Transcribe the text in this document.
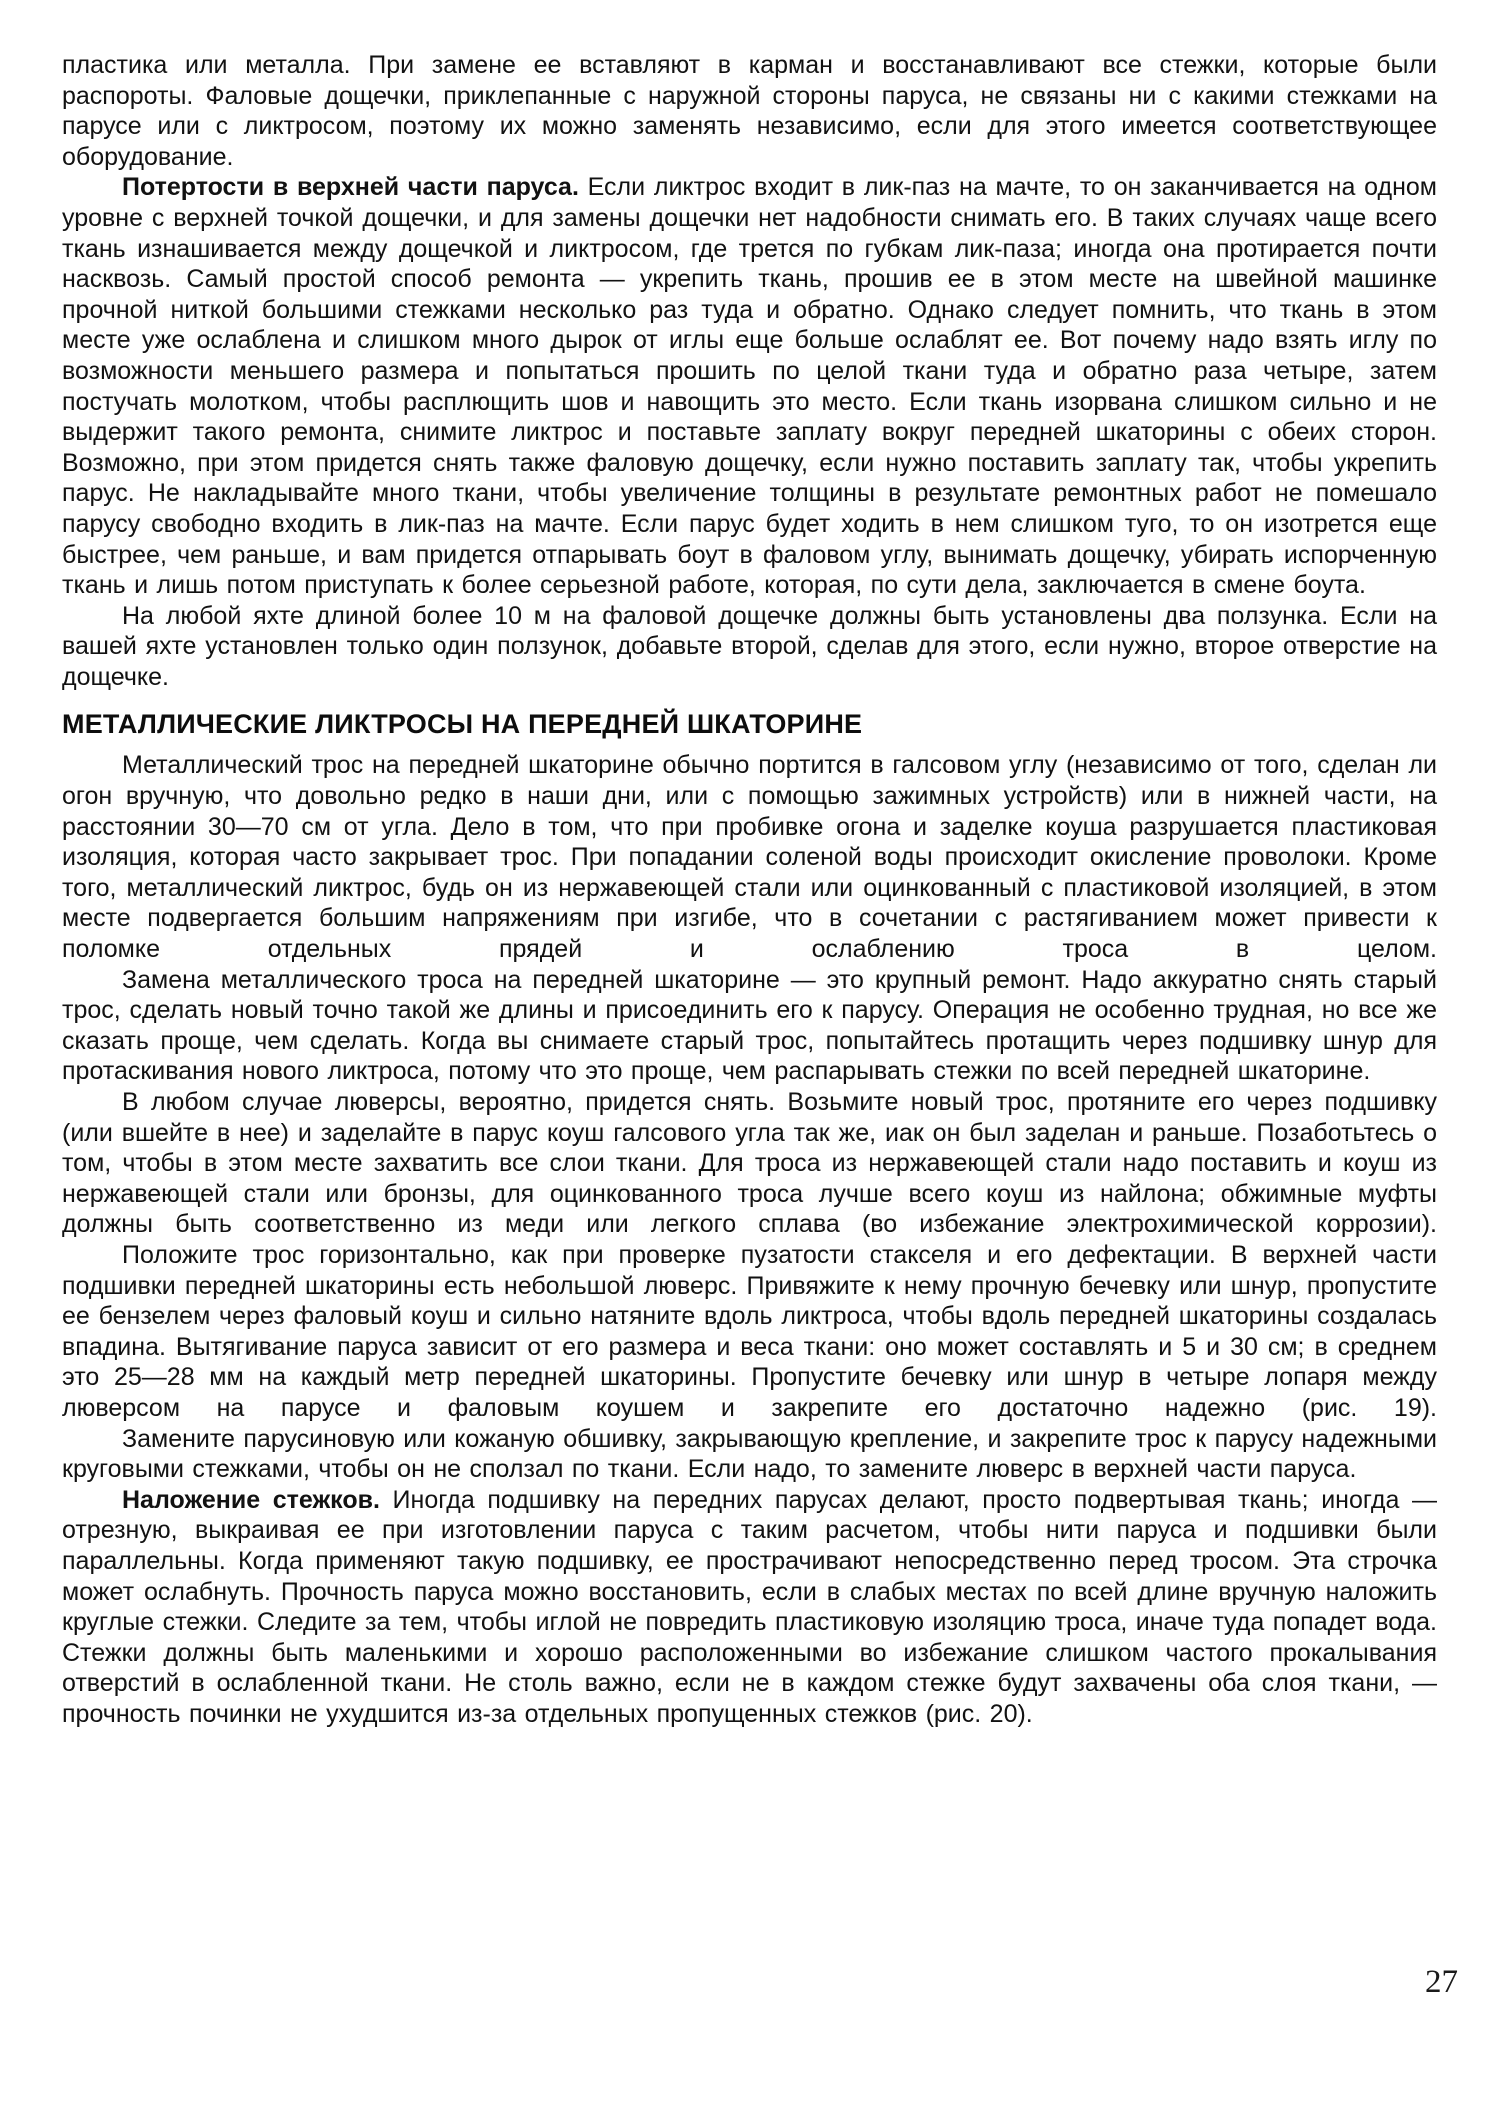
пластика или металла. При замене ее вставляют в карман и восстанавливают все стежки, которые были распороты. Фаловые дощечки, приклепанные с наружной стороны паруса, не связаны ни с какими стежками на парусе или с ликтросом, поэтому их можно заменять независимо, если для этого имеется соответствующее оборудование.

Потертости в верхней части паруса. Если ликтрос входит в лик-паз на мачте, то он заканчивается на одном уровне с верхней точкой дощечки, и для замены дощечки нет надобности снимать его. В таких случаях чаще всего ткань изнашивается между дощечкой и ликтросом, где трется по губкам лик-паза; иногда она протирается почти насквозь. Самый простой способ ремонта — укрепить ткань, прошив ее в этом месте на швейной машинке прочной ниткой большими стежками несколько раз туда и обратно. Однако следует помнить, что ткань в этом месте уже ослаблена и слишком много дырок от иглы еще больше ослаблят ее. Вот почему надо взять иглу по возможности меньшего размера и попытаться прошить по целой ткани туда и обратно раза четыре, затем постучать молотком, чтобы расплющить шов и навощить это место. Если ткань изорвана слишком сильно и не выдержит такого ремонта, снимите ликтрос и поставьте заплату вокруг передней шкаторины с обеих сторон. Возможно, при этом придется снять также фаловую дощечку, если нужно поставить заплату так, чтобы укрепить парус. Не накладывайте много ткани, чтобы увеличение толщины в результате ремонтных работ не помешало парусу свободно входить в лик-паз на мачте. Если парус будет ходить в нем слишком туго, то он изотрется еще быстрее, чем раньше, и вам придется отпарывать боут в фаловом углу, вынимать дощечку, убирать испорченную ткань и лишь потом приступать к более серьезной работе, которая, по сути дела, заключается в смене боута.

На любой яхте длиной более 10 м на фаловой дощечке должны быть установлены два ползунка. Если на вашей яхте установлен только один ползунок, добавьте второй, сделав для этого, если нужно, второе отверстие на дощечке.

МЕТАЛЛИЧЕСКИЕ ЛИКТРОСЫ НА ПЕРЕДНЕЙ ШКАТОРИНЕ

Металлический трос на передней шкаторине обычно портится в галсовом углу (независимо от того, сделан ли огон вручную, что довольно редко в наши дни, или с помощью зажимных устройств) или в нижней части, на расстоянии 30—70 см от угла. Дело в том, что при пробивке огона и заделке коуша разрушается пластиковая изоляция, которая часто закрывает трос. При попадании соленой воды происходит окисление проволоки. Кроме того, металлический ликтрос, будь он из нержавеющей стали или оцинкованный с пластиковой изоляцией, в этом месте подвергается большим напряжениям при изгибе, что в сочетании с растягиванием может привести к поломке отдельных прядей и ослаблению троса в целом.

Замена металлического троса на передней шкаторине — это крупный ремонт. Надо аккуратно снять старый трос, сделать новый точно такой же длины и присоединить его к парусу. Операция не особенно трудная, но все же сказать проще, чем сделать. Когда вы снимаете старый трос, попытайтесь протащить через подшивку шнур для протаскивания нового ликтроса, потому что это проще, чем распарывать стежки по всей передней шкаторине.

В любом случае люверсы, вероятно, придется снять. Возьмите новый трос, протяните его через подшивку (или вшейте в нее) и заделайте в парус коуш галсового угла так же, иак он был заделан и раньше. Позаботьтесь о том, чтобы в этом месте захватить все слои ткани. Для троса из нержавеющей стали надо поставить и коуш из нержавеющей стали или бронзы, для оцинкованного троса лучше всего коуш из найлона; обжимные муфты должны быть соответственно из меди или легкого сплава (во избежание электрохимической коррозии).

Положите трос горизонтально, как при проверке пузатости стакселя и его дефектации. В верхней части подшивки передней шкаторины есть небольшой люверс. Привяжите к нему прочную бечевку или шнур, пропустите ее бензелем через фаловый коуш и сильно натяните вдоль ликтроса, чтобы вдоль передней шкаторины создалась впадина. Вытягивание паруса зависит от его размера и веса ткани: оно может составлять и 5 и 30 см; в среднем это 25—28 мм на каждый метр передней шкаторины. Пропустите бечевку или шнур в четыре лопаря между люверсом на парусе и фаловым коушем и закрепите его достаточно надежно (рис. 19).

Замените парусиновую или кожаную обшивку, закрывающую крепление, и закрепите трос к парусу надежными круговыми стежками, чтобы он не сползал по ткани. Если надо, то замените люверс в верхней части паруса.

Наложение стежков. Иногда подшивку на передних парусах делают, просто подвертывая ткань; иногда — отрезную, выкраивая ее при изготовлении паруса с таким расчетом, чтобы нити паруса и подшивки были параллельны. Когда применяют такую подшивку, ее прострачивают непосредственно перед тросом. Эта строчка может ослабнуть. Прочность паруса можно восстановить, если в слабых местах по всей длине вручную наложить круглые стежки. Следите за тем, чтобы иглой не повредить пластиковую изоляцию троса, иначе туда попадет вода. Стежки должны быть маленькими и хорошо расположенными во избежание слишком частого прокалывания отверстий в ослабленной ткани. Не столь важно, если не в каждом стежке будут захвачены оба слоя ткани, — прочность починки не ухудшится из-за отдельных пропущенных стежков (рис. 20).

27
